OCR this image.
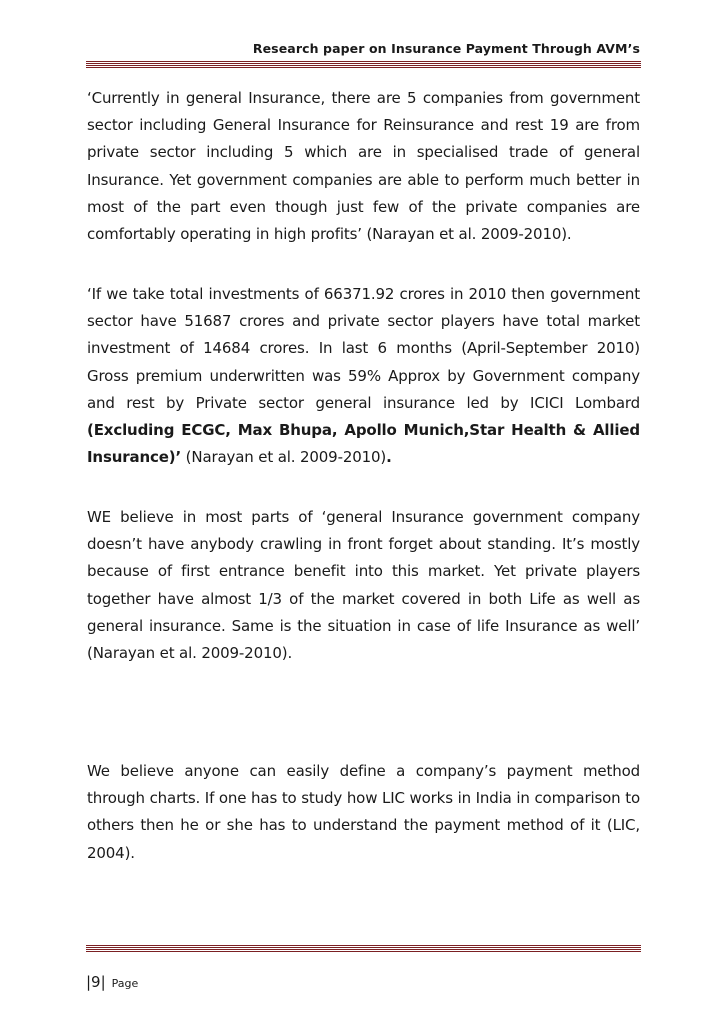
Research paper on Insurance Payment Through AVM’s

‘Currently in general Insurance, there are 5 companies from government sector including General Insurance for Reinsurance and rest 19 are from private sector including 5 which are in specialised trade of general Insurance. Yet government companies are able to perform much better in most of the part even though just few of the private companies are comfortably operating in high profits’ (Narayan et al. 2009-2010).

‘If we take total investments of 66371.92 crores in 2010 then government sector have 51687 crores and private sector players have total market investment of 14684 crores. In last 6 months (April-September 2010) Gross premium underwritten was 59% Approx by Government company and rest by Private sector general insurance led by ICICI Lombard (Excluding ECGC, Max Bhupa, Apollo Munich,Star Health & Allied Insurance)’ (Narayan et al. 2009-2010).

WE believe in most parts of ‘general Insurance government company doesn’t have anybody crawling in front forget about standing. It’s mostly because of first entrance benefit into this market. Yet private players together have almost 1/3 of the market covered in both Life as well as general insurance. Same is the situation in case of life Insurance as well’ (Narayan et al. 2009-2010).

We believe anyone can easily define a company’s payment method through charts. If one has to study how LIC works in India in comparison to others then he or she has to understand the payment method of it (LIC, 2004).

|9| Page
